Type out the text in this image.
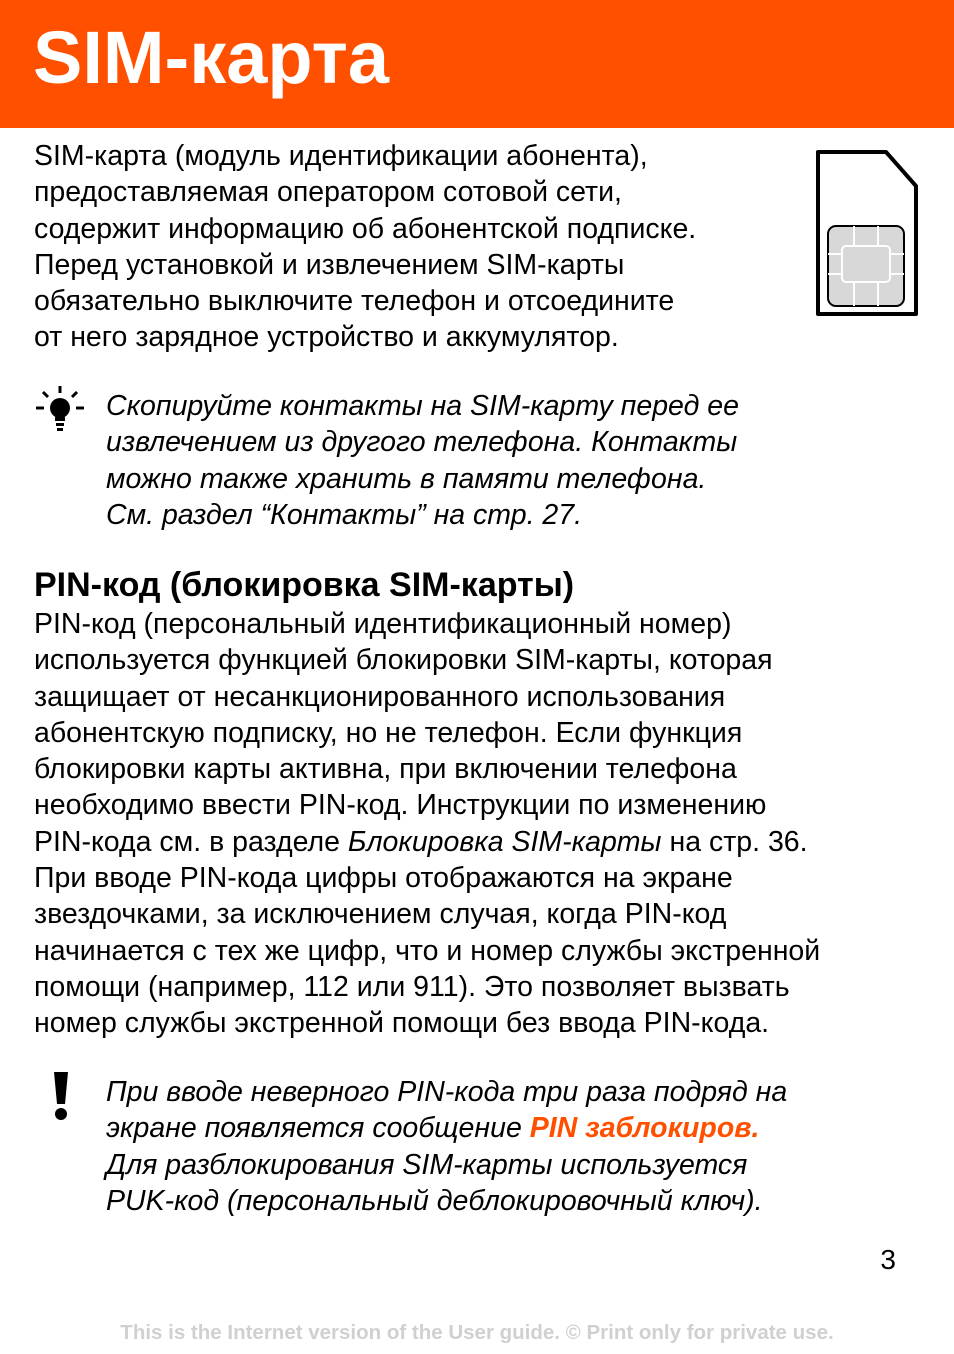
SIM-карта
SIM-карта (модуль идентификации абонента),
предоставляемая оператором сотовой сети,
содержит информацию об абонентской подписке.
Перед установкой и извлечением SIM-карты
обязательно выключите телефон и отсоедините
от него зарядное устройство и аккумулятор.
Скопируйте контакты на SIM-карту перед ее
извлечением из другого телефона. Контакты
можно также хранить в памяти телефона.
См. раздел “Контакты” на стр. 27.
PIN-код (блокировка SIM-карты)
PIN-код (персональный идентификационный номер)
используется функцией блокировки SIM-карты, которая
защищает от несанкционированного использования
абонентскую подписку, но не телефон. Если функция
блокировки карты активна, при включении телефона
необходимо ввести PIN-код. Инструкции по изменению
PIN-кода см. в разделе Блокировка SIM-карты на стр. 36.
При вводе PIN-кода цифры отображаются на экране
звездочками, за исключением случая, когда PIN-код
начинается с тех же цифр, что и номер службы экстренной
помощи (например, 112 или 911). Это позволяет вызвать
номер службы экстренной помощи без ввода PIN-кода.
При вводе неверного PIN-кода три раза подряд на
экране появляется сообщение PIN заблокиров.
Для разблокирования SIM-карты используется
PUK-код (персональный деблокировочный ключ).
3
This is the Internet version of the User guide. © Print only for private use.
